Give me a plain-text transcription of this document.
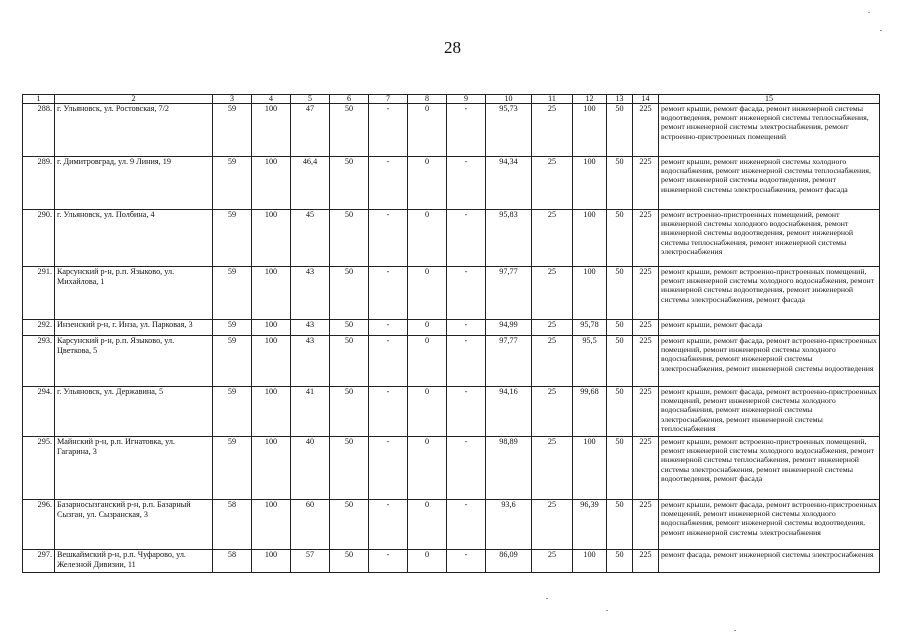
28
1	2	3	4	5	6	7	8	9	10	11	12	13	14	15
288.	г. Ульяновск, ул. Ростовская, 7/2	59	100	47	50	-	0	-	95,73	25	100	50	225	ремонт крыши, ремонт фасада, ремонт инженерной системы водоотведения, ремонт инженерной системы теплоснабжения, ремонт инженерной системы электроснабжения, ремонт встроенно-пристроенных помещений
289.	г. Димитровград, ул. 9 Линия, 19	59	100	46,4	50	-	0	-	94,34	25	100	50	225	ремонт крыши, ремонт инженерной системы холодного водоснабжения, ремонт инженерной системы теплоснабжения, ремонт инженерной системы водоотведения, ремонт инженерной системы электроснабжения, ремонт фасада
290.	г. Ульяновск, ул. Полбина, 4	59	100	45	50	-	0	-	95,83	25	100	50	225	ремонт встроенно-пристроенных помещений, ремонт инженерной системы холодного водоснабжения, ремонт инженерной системы водоотведения, ремонт инженерной системы теплоснабжения, ремонт инженерной системы электроснабжения
291.	Карсунский р-н, р.п. Языково, ул. Михайлова, 1	59	100	43	50	-	0	-	97,77	25	100	50	225	ремонт крыши, ремонт встроенно-пристроенных помещений, ремонт инженерной системы холодного водоснабжения, ремонт инженерной системы водоотведения, ремонт инженерной системы электроснабжения, ремонт фасада
292.	Инзенский р-н, г. Инза, ул. Парковая, 3	59	100	43	50	-	0	-	94,99	25	95,78	50	225	ремонт крыши, ремонт фасада
293.	Карсунский р-н, р.п. Языково, ул. Цветкова, 5	59	100	43	50	-	0	-	97,77	25	95,5	50	225	ремонт крыши, ремонт фасада, ремонт встроенно-пристроенных помещений, ремонт инженерной системы холодного водоснабжения, ремонт инженерной системы электроснабжения, ремонт инженерной системы водоотведения
294.	г. Ульяновск, ул. Державина, 5	59	100	41	50	-	0	-	94,16	25	99,68	50	225	ремонт крыши, ремонт фасада, ремонт встроенно-пристроенных помещений, ремонт инженерной системы холодного водоснабжения, ремонт инженерной системы электроснабжения, ремонт инженерной системы теплоснабжения
295.	Майнский р-н, р.п. Игнатовка, ул. Гагарина, 3	59	100	40	50	-	0	-	98,89	25	100	50	225	ремонт крыши, ремонт встроенно-пристроенных помещений, ремонт инженерной системы холодного водоснабжения, ремонт инженерной системы теплоснабжения, ремонт инженерной системы электроснабжения, ремонт инженерной системы водоотведения, ремонт фасада
296.	Базарносызганский р-н, р.п. Базарный Сызган, ул. Сызранская, 3	58	100	60	50	-	0	-	93,6	25	96,39	50	225	ремонт крыши, ремонт фасада, ремонт встроенно-пристроенных помещений, ремонт инженерной системы холодного водоснабжения, ремонт инженерной системы водоотведения, ремонт инженерной системы электроснабжения
297.	Вешкаймский р-н, р.п. Чуфарово, ул. Железной Дивизии, 11	58	100	57	50	-	0	-	86,09	25	100	50	225	ремонт фасада, ремонт инженерной системы электроснабжения
